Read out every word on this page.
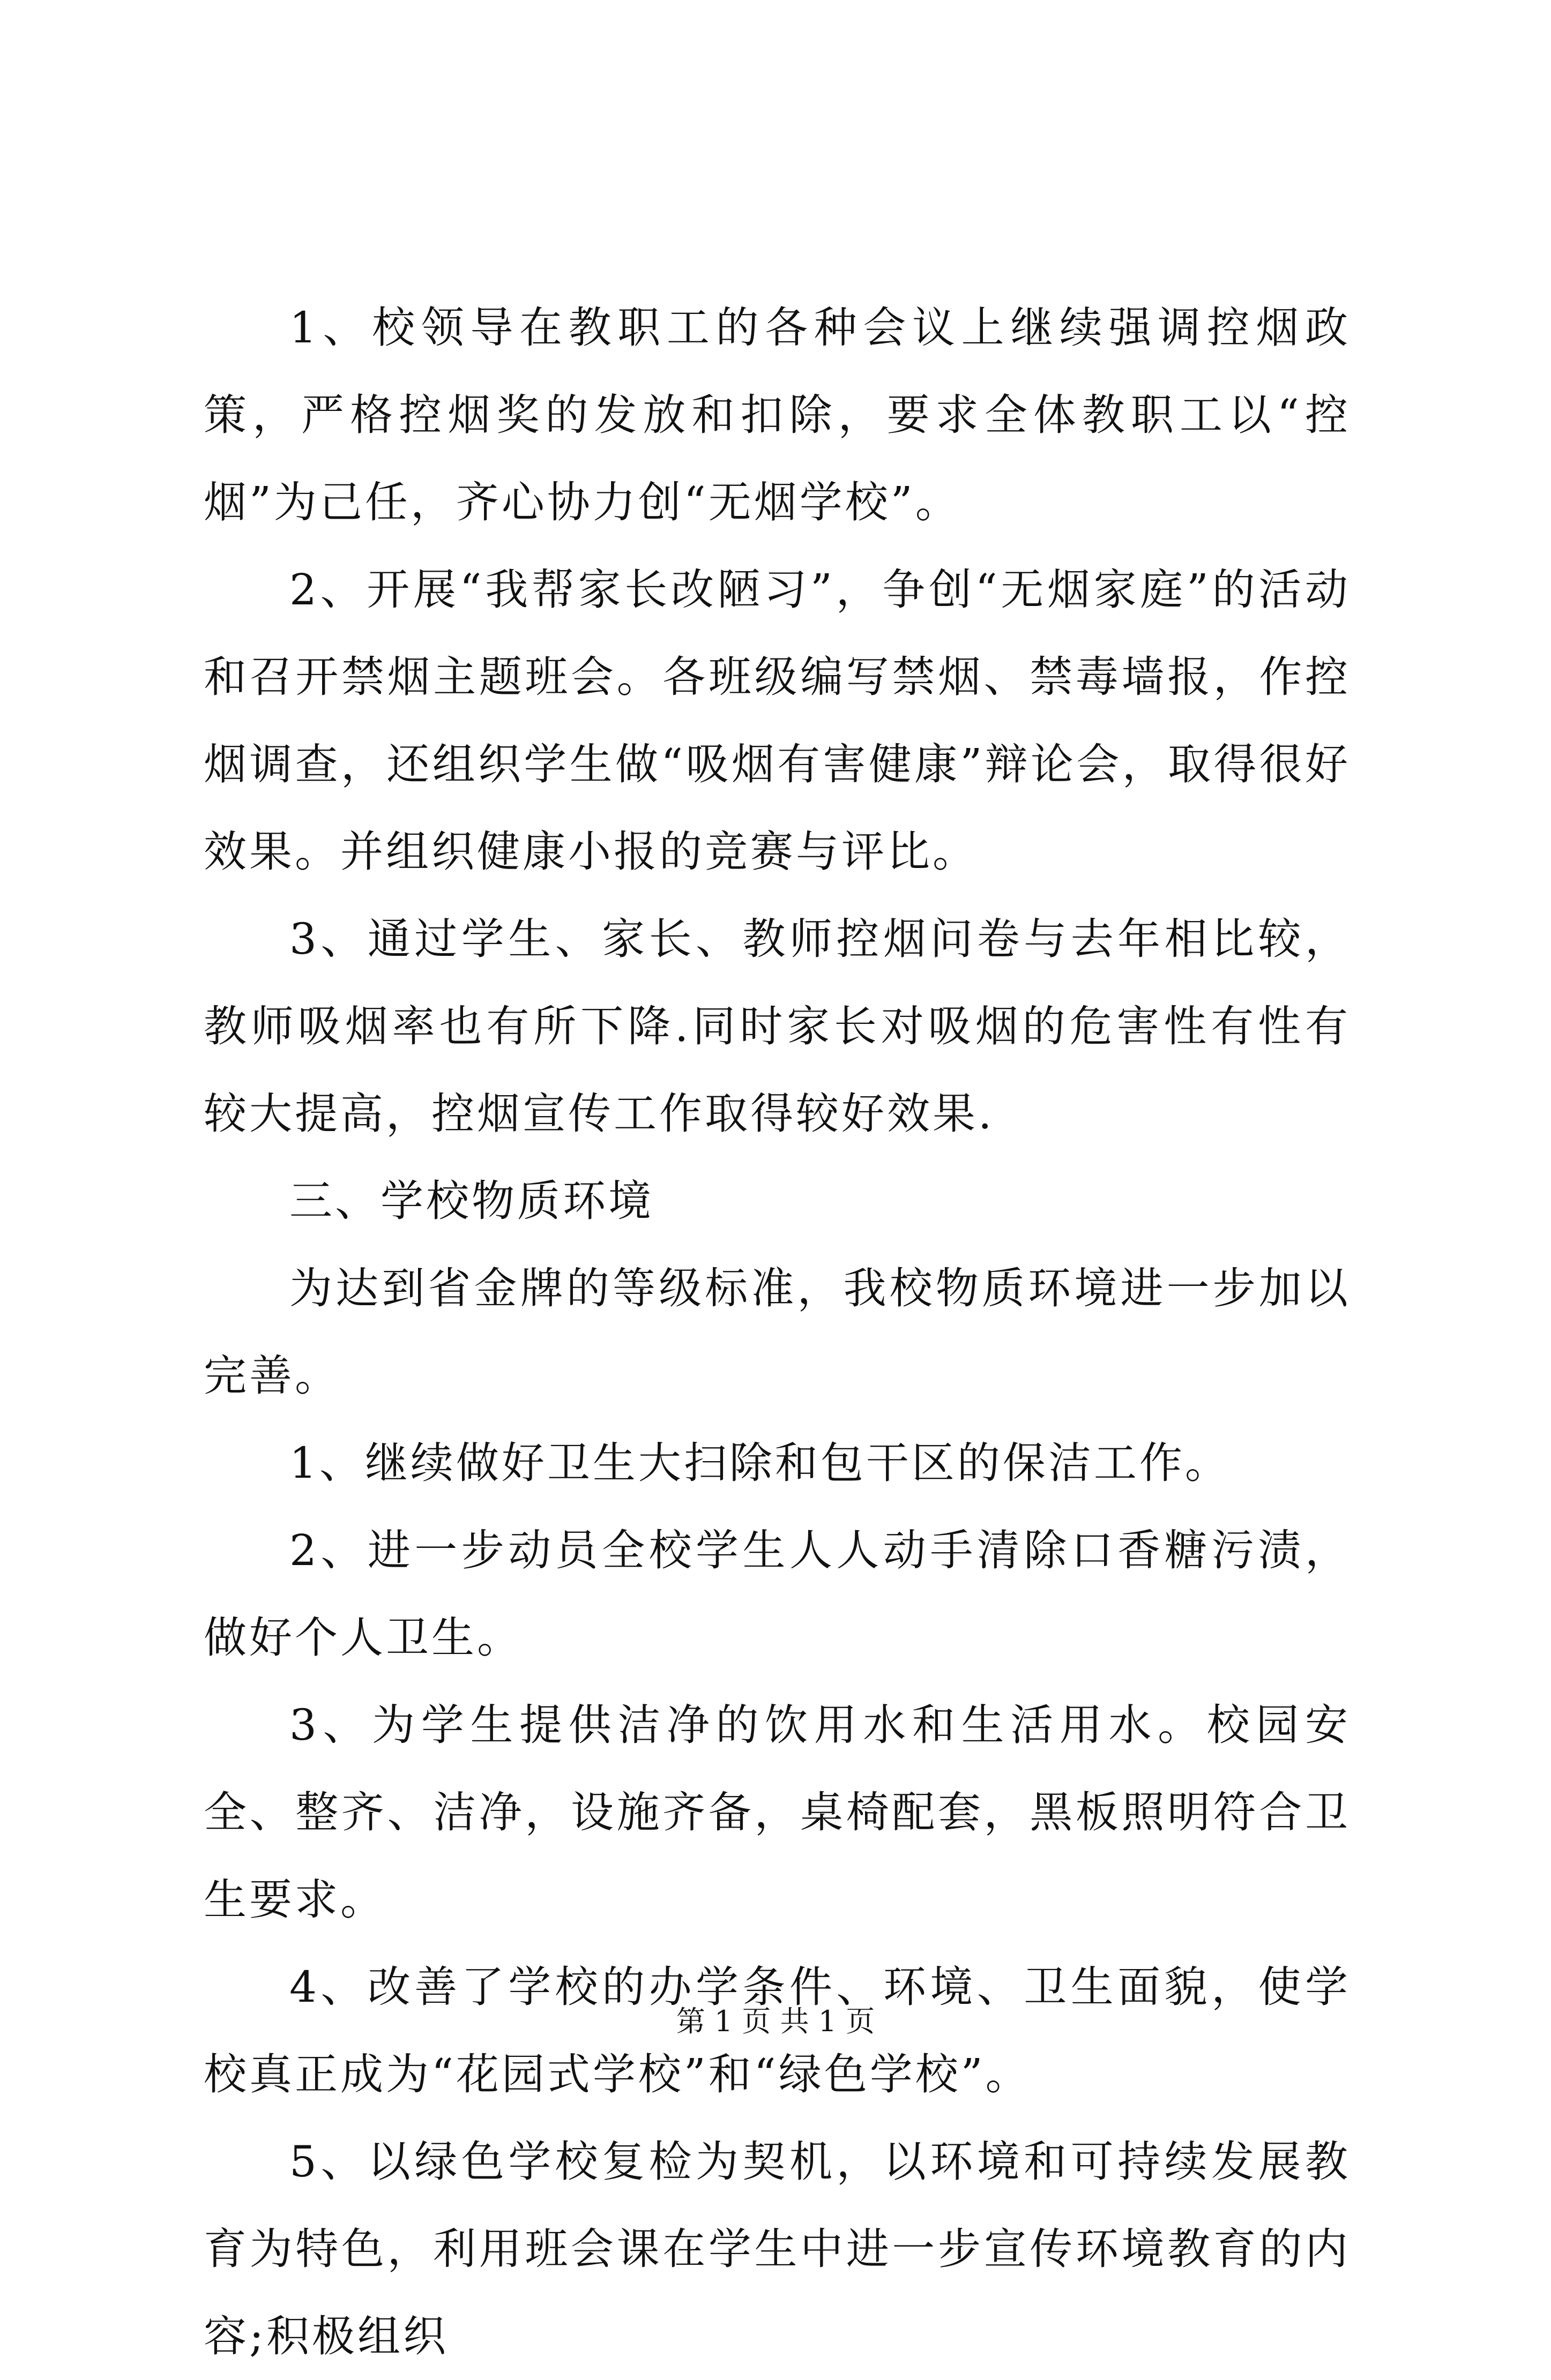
1、校领导在教职工的各种会议上继续强调控烟政策，严格控烟奖的发放和扣除，要求全体教职工以“控烟”为己任，齐心协力创“无烟学校”。

2、开展“我帮家长改陋习”，争创“无烟家庭”的活动和召开禁烟主题班会。各班级编写禁烟、禁毒墙报，作控烟调查，还组织学生做“吸烟有害健康”辩论会，取得很好效果。并组织健康小报的竞赛与评比。

3、通过学生、家长、教师控烟问卷与去年相比较，教师吸烟率也有所下降.同时家长对吸烟的危害性有性有较大提高，控烟宣传工作取得较好效果.

三、学校物质环境

为达到省金牌的等级标准，我校物质环境进一步加以完善。

1、继续做好卫生大扫除和包干区的保洁工作。

2、进一步动员全校学生人人动手清除口香糖污渍，做好个人卫生。

3、为学生提供洁净的饮用水和生活用水。校园安全、整齐、洁净，设施齐备，桌椅配套，黑板照明符合卫生要求。

4、改善了学校的办学条件、环境、卫生面貌，使学校真正成为“花园式学校”和“绿色学校”。

5、以绿色学校复检为契机，以环境和可持续发展教育为特色，利用班会课在学生中进一步宣传环境教育的内容;积极组织

第 1 页 共 1 页
